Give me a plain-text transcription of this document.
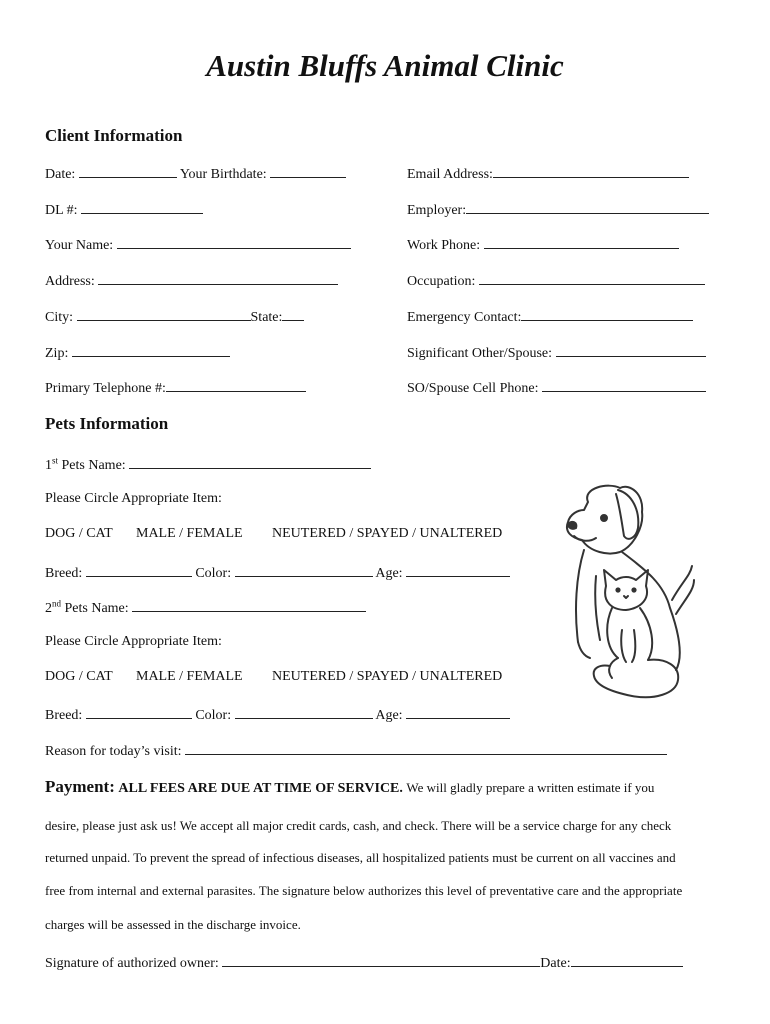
Austin Bluffs Animal Clinic
Client Information
Date:	Your Birthdate:	Email Address:
DL #:	Employer:
Your Name:	Work Phone:
Address:	Occupation:
City:	State:	Emergency Contact:
Zip:	Significant Other/Spouse:
Primary Telephone #:	SO/Spouse Cell Phone:
Pets Information
1st Pets Name:
Please Circle Appropriate Item:
DOG / CAT MALE / FEMALE NEUTERED / SPAYED / UNALTERED
Breed:	Color:	Age:
2nd Pets Name:
Please Circle Appropriate Item:
DOG / CAT MALE / FEMALE NEUTERED / SPAYED / UNALTERED
Breed:	Color:	Age:
Reason for today’s visit:
Payment: ALL FEES ARE DUE AT TIME OF SERVICE. We will gladly prepare a written estimate if you
desire, please just ask us! We accept all major credit cards, cash, and check. There will be a service charge for any check
returned unpaid. To prevent the spread of infectious diseases, all hospitalized patients must be current on all vaccines and
free from internal and external parasites. The signature below authorizes this level of preventative care and the appropriate
charges will be assessed in the discharge invoice.
Signature of authorized owner:	Date:
